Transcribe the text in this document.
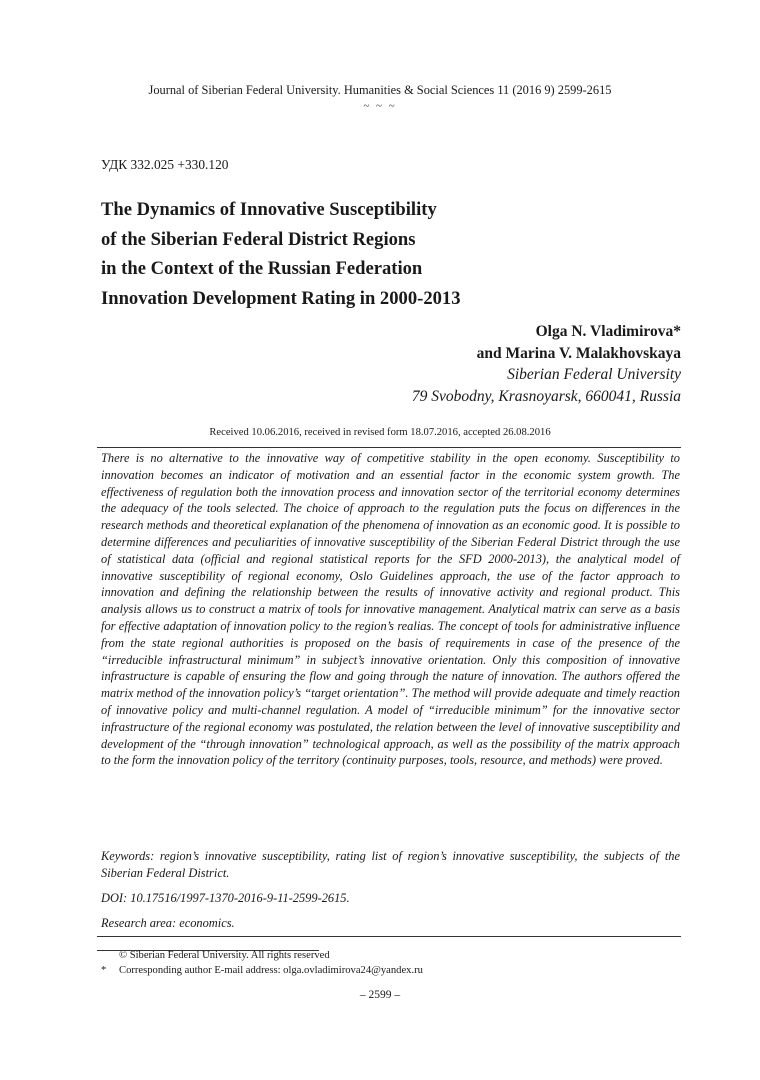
Journal of Siberian Federal University. Humanities & Social Sciences 11 (2016 9) 2599-2615
~ ~ ~
УДК 332.025 +330.120
The Dynamics of Innovative Susceptibility
of the Siberian Federal District Regions
in the Context of the Russian Federation
Innovation Development Rating in 2000-2013
Olga N. Vladimirova*
and Marina V. Malakhovskaya
Siberian Federal University
79 Svobodny, Krasnoyarsk, 660041, Russia
Received 10.06.2016, received in revised form 18.07.2016, accepted 26.08.2016

There is no alternative to the innovative way of competitive stability in the open economy. Susceptibility to innovation becomes an indicator of motivation and an essential factor in the economic system growth. The effectiveness of regulation both the innovation process and innovation sector of the territorial economy determines the adequacy of the tools selected. The choice of approach to the regulation puts the focus on differences in the research methods and theoretical explanation of the phenomena of innovation as an economic good. It is possible to determine differences and peculiarities of innovative susceptibility of the Siberian Federal District through the use of statistical data (official and regional statistical reports for the SFD 2000-2013), the analytical model of innovative susceptibility of regional economy, Oslo Guidelines approach, the use of the factor approach to innovation and defining the relationship between the results of innovative activity and regional product. This analysis allows us to construct a matrix of tools for innovative management. Analytical matrix can serve as a basis for effective adaptation of innovation policy to the region’s realias. The concept of tools for administrative influence from the state regional authorities is proposed on the basis of requirements in case of the presence of the “irreducible infrastructural minimum” in subject’s innovative orientation. Only this composition of innovative infrastructure is capable of ensuring the flow and going through the nature of innovation. The authors offered the matrix method of the innovation policy’s “target orientation”. The method will provide adequate and timely reaction of innovative policy and multi-channel regulation. A model of “irreducible minimum” for the innovative sector infrastructure of the regional economy was postulated, the relation between the level of innovative susceptibility and development of the “through innovation” technological approach, as well as the possibility of the matrix approach to the form the innovation policy of the territory (continuity purposes, tools, resource, and methods) were proved.

Keywords: region’s innovative susceptibility, rating list of region’s innovative susceptibility, the subjects of the Siberian Federal District.

DOI: 10.17516/1997-1370-2016-9-11-2599-2615.
Research area: economics.
© Siberian Federal University. All rights reserved
* Corresponding author E-mail address: olga.ovladimirova24@yandex.ru
– 2599 –
